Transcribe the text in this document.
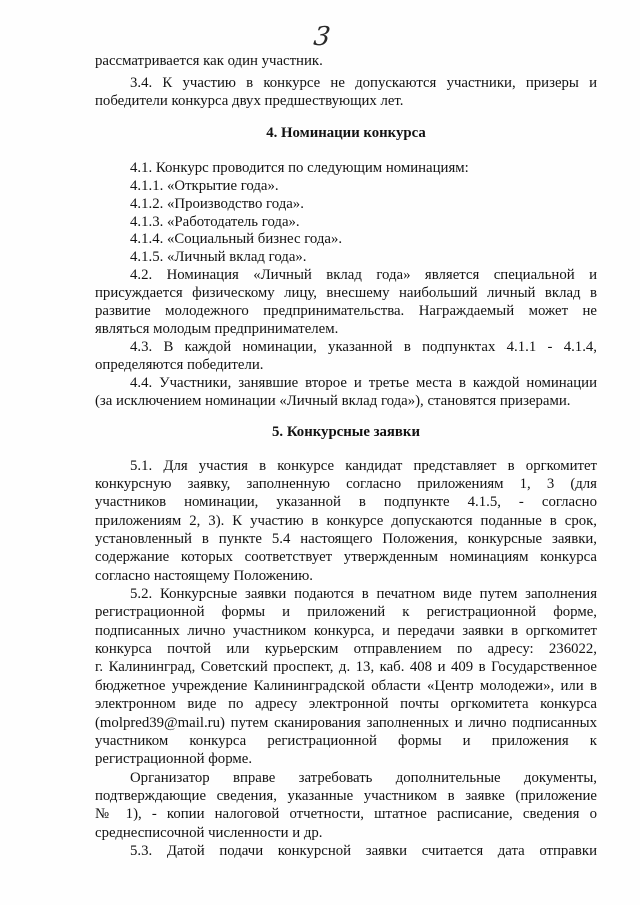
3
рассматривается как один участник.
3.4. К участию в конкурсе не допускаются участники, призеры и
победители конкурса двух предшествующих лет.
4. Номинации конкурса
4.1. Конкурс проводится по следующим номинациям:
4.1.1. «Открытие года».
4.1.2. «Производство года».
4.1.3. «Работодатель года».
4.1.4. «Социальный бизнес года».
4.1.5. «Личный вклад года».
4.2. Номинация «Личный вклад года» является специальной и
присуждается физическому лицу, внесшему наибольший личный вклад в
развитие молодежного предпринимательства. Награждаемый может не
являться молодым предпринимателем.
4.3. В каждой номинации, указанной в подпунктах 4.1.1 - 4.1.4,
определяются победители.
4.4. Участники, занявшие второе и третье места в каждой номинации
(за исключением номинации «Личный вклад года»), становятся призерами.
5. Конкурсные заявки
5.1. Для участия в конкурсе кандидат представляет в оргкомитет
конкурсную заявку, заполненную согласно приложениям 1, 3 (для
участников номинации, указанной в подпункте 4.1.5, - согласно
приложениям 2, 3). К участию в конкурсе допускаются поданные в срок,
установленный в пункте 5.4 настоящего Положения, конкурсные заявки,
содержание которых соответствует утвержденным номинациям конкурса
согласно настоящему Положению.
5.2. Конкурсные заявки подаются в печатном виде путем заполнения
регистрационной формы и приложений к регистрационной форме,
подписанных лично участником конкурса, и передачи заявки в оргкомитет
конкурса почтой или курьерским отправлением по адресу: 236022,
г. Калининград, Советский проспект, д. 13, каб. 408 и 409 в Государственное
бюджетное учреждение Калининградской области «Центр молодежи», или в
электронном виде по адресу электронной почты оргкомитета конкурса
(molpred39@mail.ru) путем сканирования заполненных и лично подписанных
участником конкурса регистрационной формы и приложения к
регистрационной форме.
Организатор вправе затребовать дополнительные документы,
подтверждающие сведения, указанные участником в заявке (приложение
№ 1), - копии налоговой отчетности, штатное расписание, сведения о
среднесписочной численности и др.
5.3. Датой подачи конкурсной заявки считается дата отправки
